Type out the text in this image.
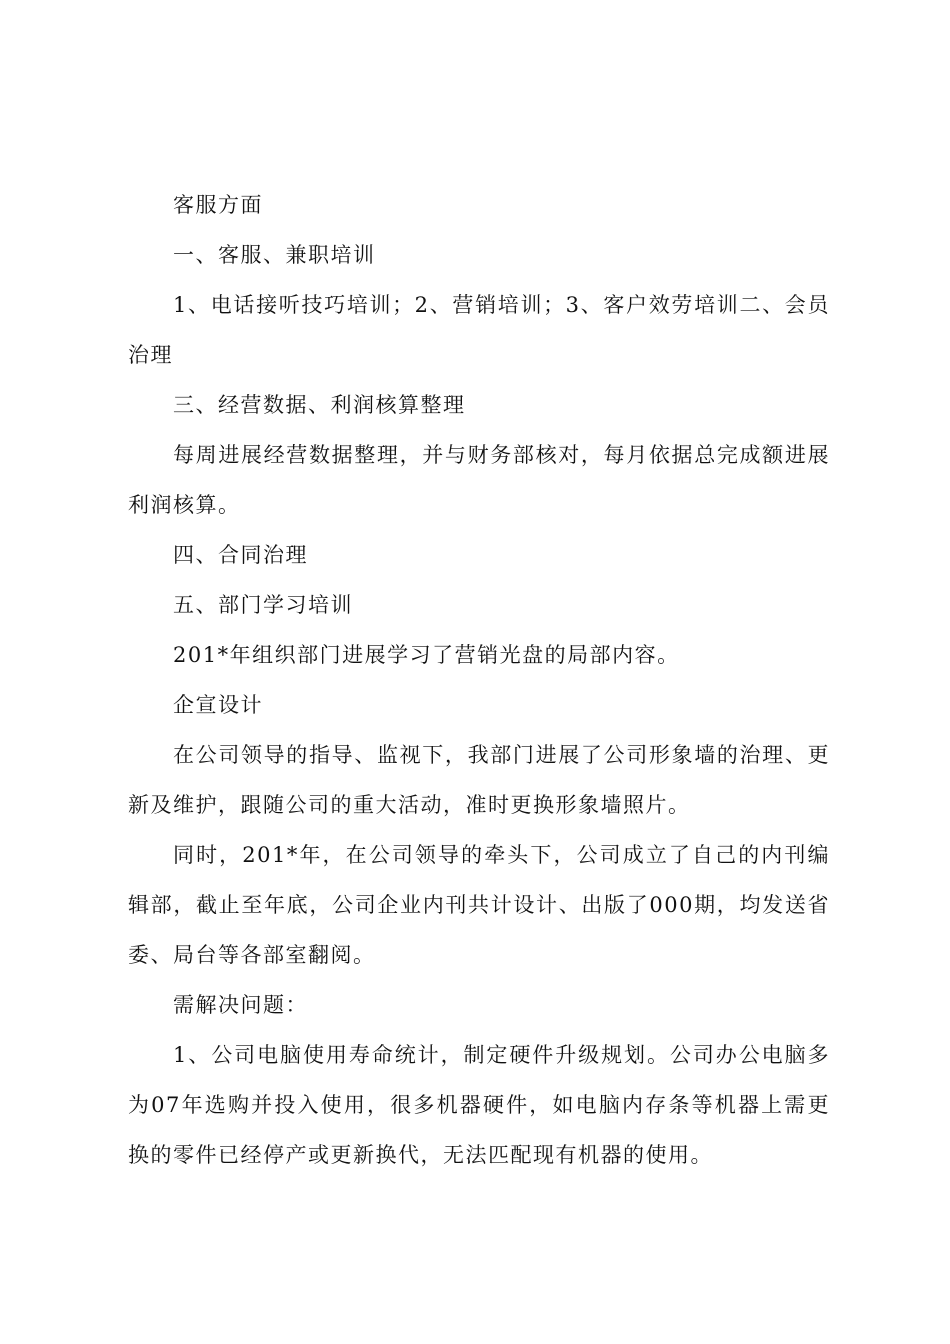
客服方面

一、客服、兼职培训

1、电话接听技巧培训；2、营销培训；3、客户效劳培训二、会员治理

三、经营数据、利润核算整理

每周进展经营数据整理，并与财务部核对，每月依据总完成额进展利润核算。

四、合同治理

五、部门学习培训

201*年组织部门进展学习了营销光盘的局部内容。

企宣设计

在公司领导的指导、监视下，我部门进展了公司形象墙的治理、更新及维护，跟随公司的重大活动，准时更换形象墙照片。

同时，201*年，在公司领导的牵头下，公司成立了自己的内刊编辑部，截止至年底，公司企业内刊共计设计、出版了000期，均发送省委、局台等各部室翻阅。

需解决问题：

1、公司电脑使用寿命统计，制定硬件升级规划。公司办公电脑多为07年选购并投入使用，很多机器硬件，如电脑内存条等机器上需更换的零件已经停产或更新换代，无法匹配现有机器的使用。
